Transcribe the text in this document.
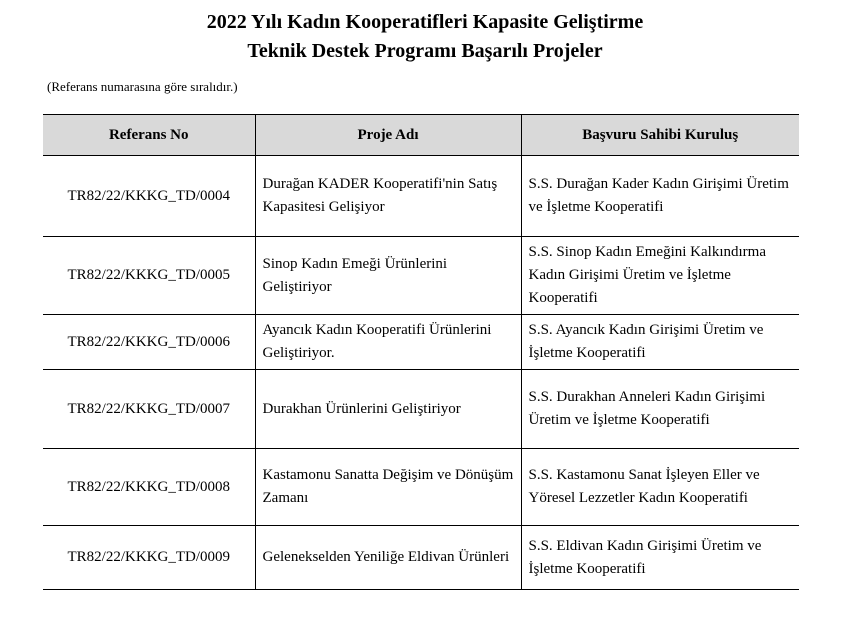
2022 Yılı Kadın Kooperatifleri Kapasite Geliştirme
Teknik Destek Programı Başarılı Projeler
(Referans numarasına göre sıralıdır.)
Referans No	Proje Adı	Başvuru Sahibi Kuruluş
TR82/22/KKKG_TD/0004	Durağan KADER Kooperatifi'nin Satış Kapasitesi Gelişiyor	S.S. Durağan Kader Kadın Girişimi Üretim ve İşletme Kooperatifi
TR82/22/KKKG_TD/0005	Sinop Kadın Emeği Ürünlerini Geliştiriyor	S.S. Sinop Kadın Emeğini Kalkındırma Kadın Girişimi Üretim ve İşletme Kooperatifi
TR82/22/KKKG_TD/0006	Ayancık Kadın Kooperatifi Ürünlerini Geliştiriyor.	S.S. Ayancık Kadın Girişimi Üretim ve İşletme Kooperatifi
TR82/22/KKKG_TD/0007	Durakhan Ürünlerini Geliştiriyor	S.S. Durakhan Anneleri Kadın Girişimi Üretim ve İşletme Kooperatifi
TR82/22/KKKG_TD/0008	Kastamonu Sanatta Değişim ve Dönüşüm Zamanı	S.S. Kastamonu Sanat İşleyen Eller ve Yöresel Lezzetler Kadın Kooperatifi
TR82/22/KKKG_TD/0009	Gelenekselden Yeniliğe Eldivan Ürünleri	S.S. Eldivan Kadın Girişimi Üretim ve İşletme Kooperatifi
